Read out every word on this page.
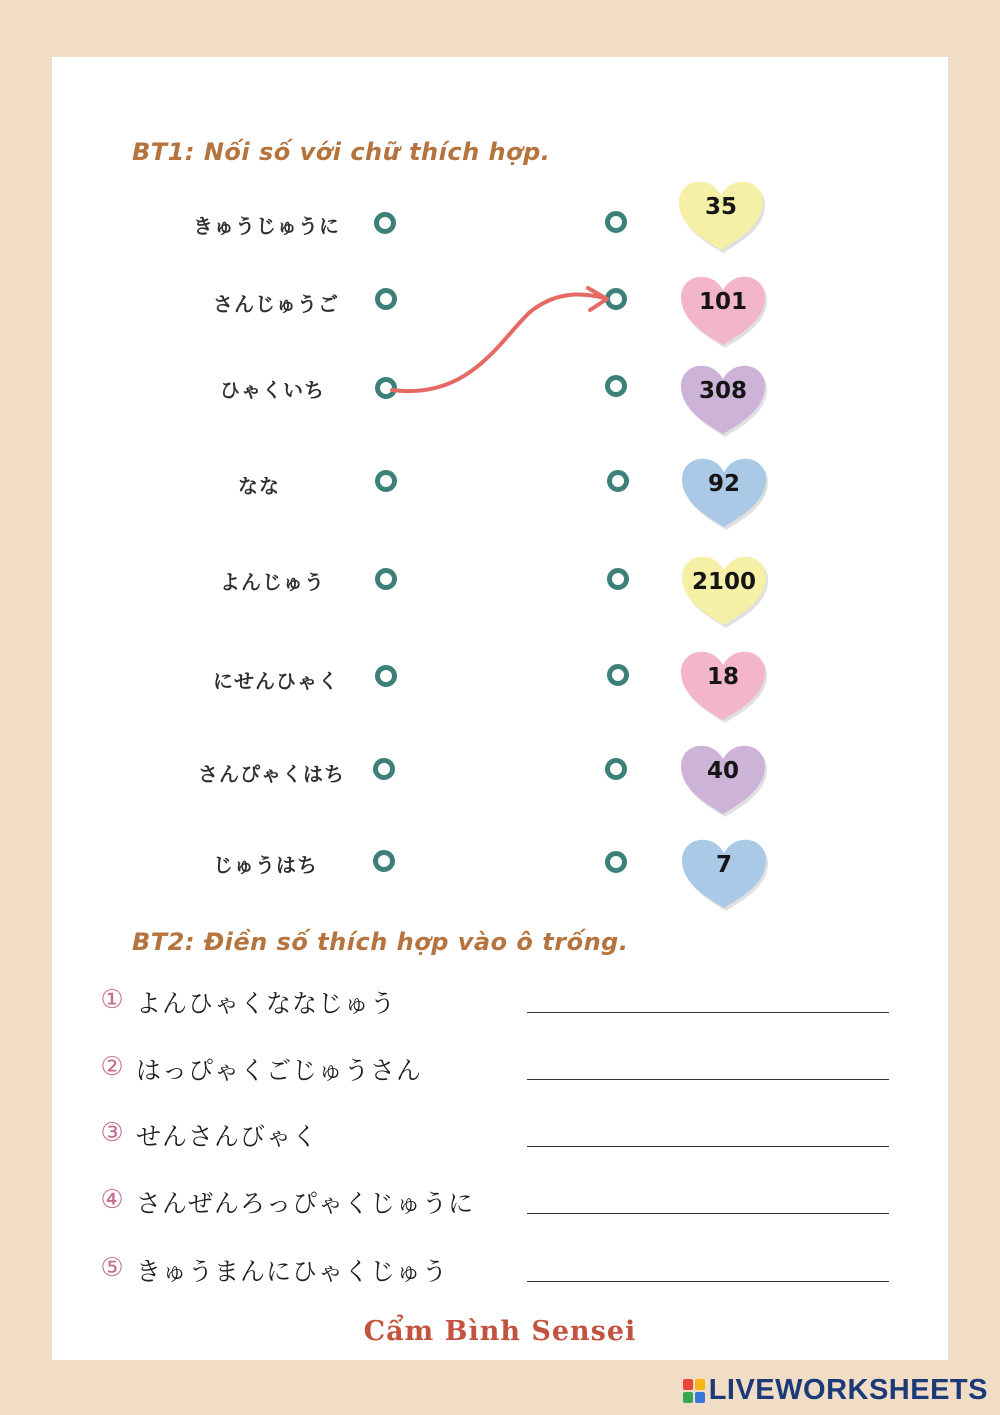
BT1: Nối số với chữ thích hợp.
きゅうじゅうに
さんじゅうご
ひゃくいち
なな
よんじゅう
にせんひゃく
さんぴゃくはち
じゅうはち
35
101
308
92
2100
18
40
7
BT2: Điền số thích hợp vào ô trống.
① よんひゃくななじゅう
② はっぴゃくごじゅうさん
③ せんさんびゃく
④ さんぜんろっぴゃくじゅうに
⑤ きゅうまんにひゃくじゅう
Cẩm Bình Sensei
LIVEWORKSHEETS
